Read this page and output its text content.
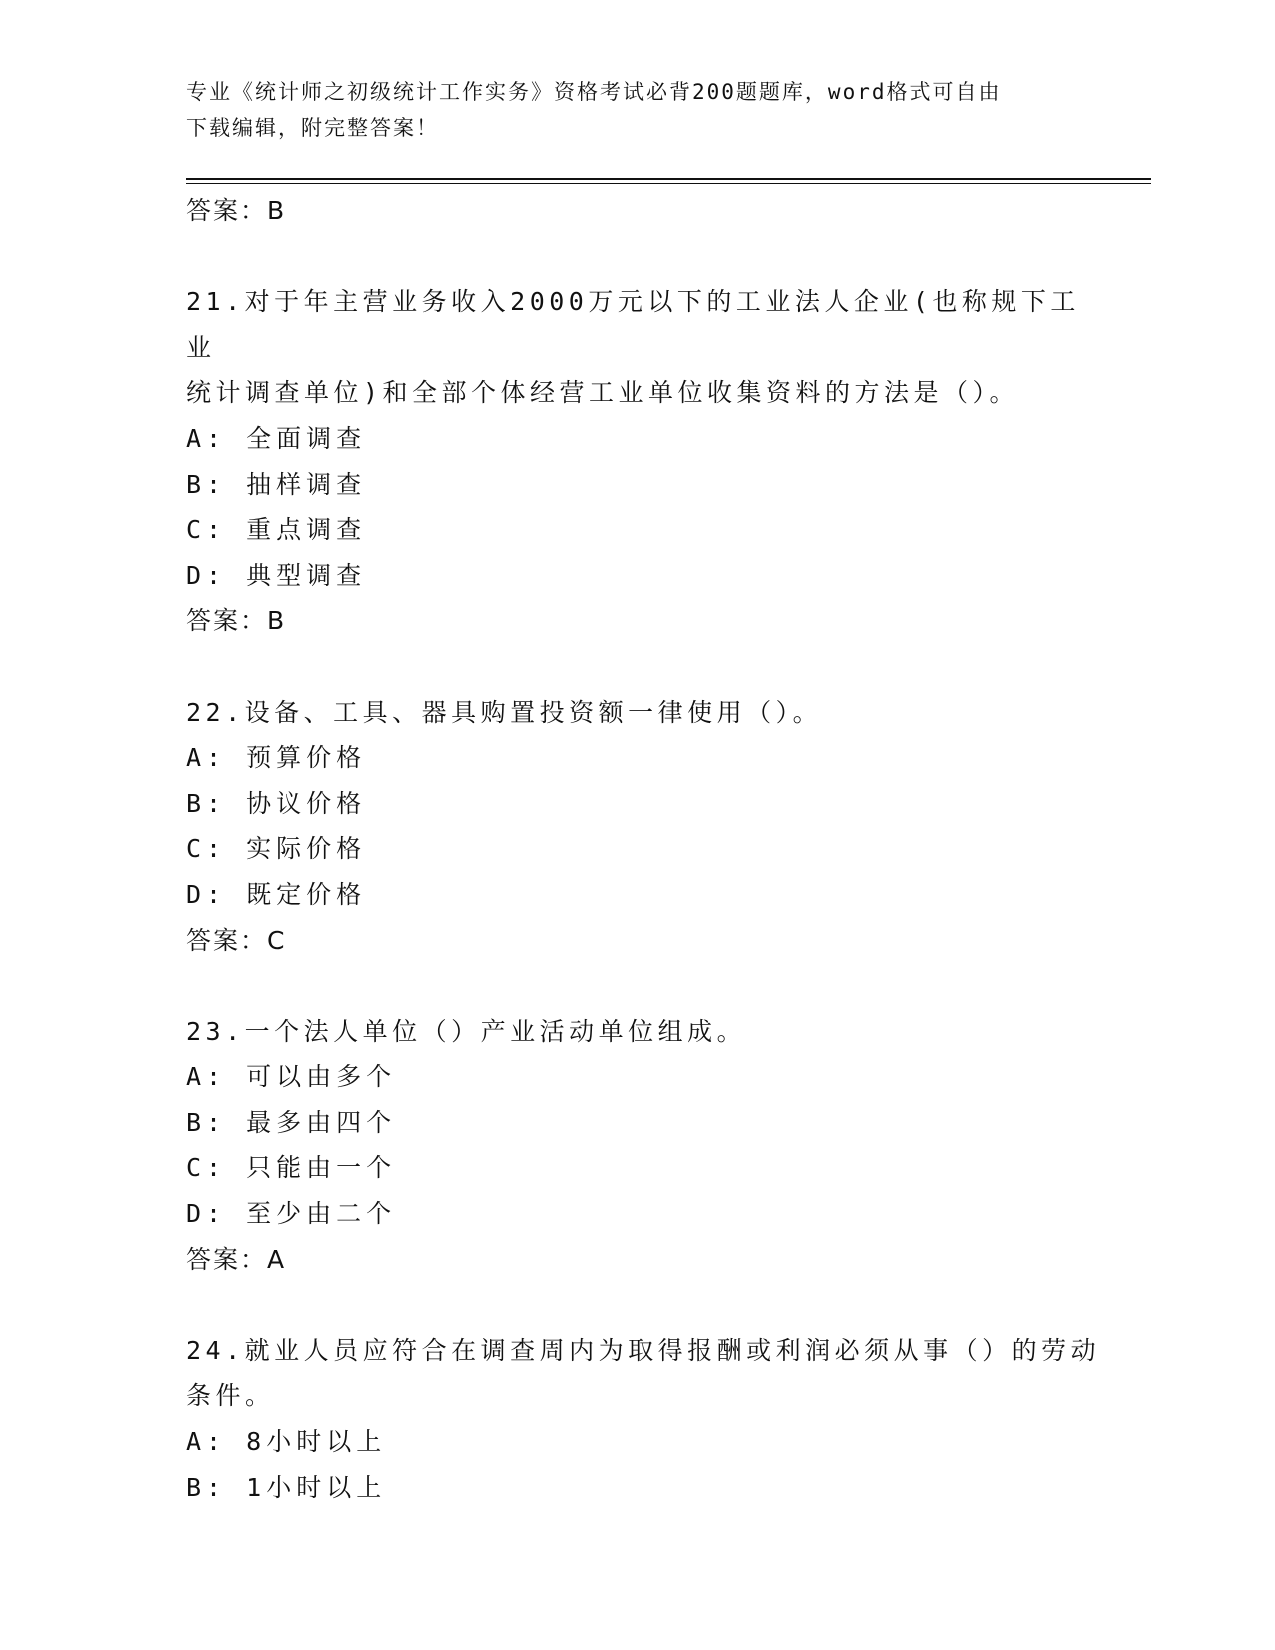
专业《统计师之初级统计工作实务》资格考试必背200题题库，word格式可自由
下载编辑，附完整答案！
答案：B
21.对于年主营业务收入2000万元以下的工业法人企业(也称规下工业
统计调查单位)和全部个体经营工业单位收集资料的方法是（）。
A: 全面调查
B: 抽样调查
C: 重点调查
D: 典型调查
答案：B
22.设备、工具、器具购置投资额一律使用（）。
A: 预算价格
B: 协议价格
C: 实际价格
D: 既定价格
答案：C
23.一个法人单位（）产业活动单位组成。
A: 可以由多个
B: 最多由四个
C: 只能由一个
D: 至少由二个
答案：A
24.就业人员应符合在调查周内为取得报酬或利润必须从事（）的劳动
条件。
A: 8小时以上
B: 1小时以上
